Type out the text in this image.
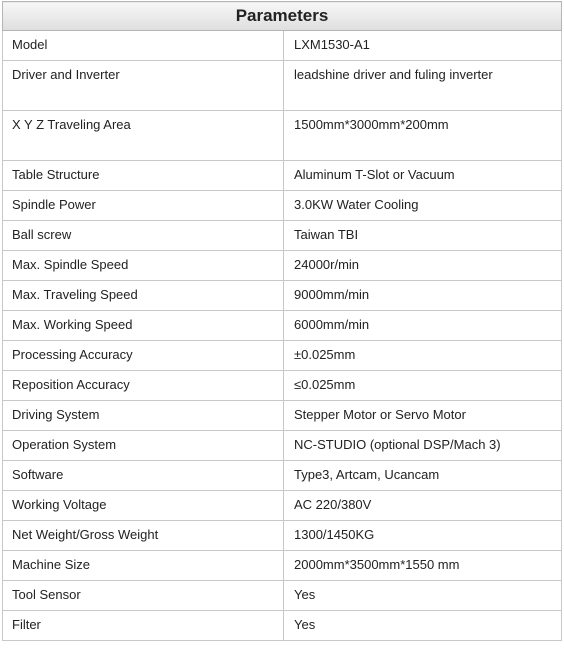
Parameters	
Model	LXM1530-A1
Driver and Inverter	leadshine driver and fuling inverter
X Y Z Traveling Area	1500mm*3000mm*200mm
Table Structure	Aluminum T-Slot or Vacuum
Spindle Power	3.0KW Water Cooling
Ball screw	Taiwan TBI
Max. Spindle Speed	24000r/min
Max. Traveling Speed	9000mm/min
Max. Working Speed	6000mm/min
Processing Accuracy	±0.025mm
Reposition Accuracy	≤0.025mm
Driving System	Stepper Motor or Servo Motor
Operation System	NC-STUDIO (optional DSP/Mach 3)
Software	Type3, Artcam, Ucancam
Working Voltage	AC 220/380V
Net Weight/Gross Weight	1300/1450KG
Machine Size	2000mm*3500mm*1550 mm
Tool Sensor	Yes
Filter	Yes
